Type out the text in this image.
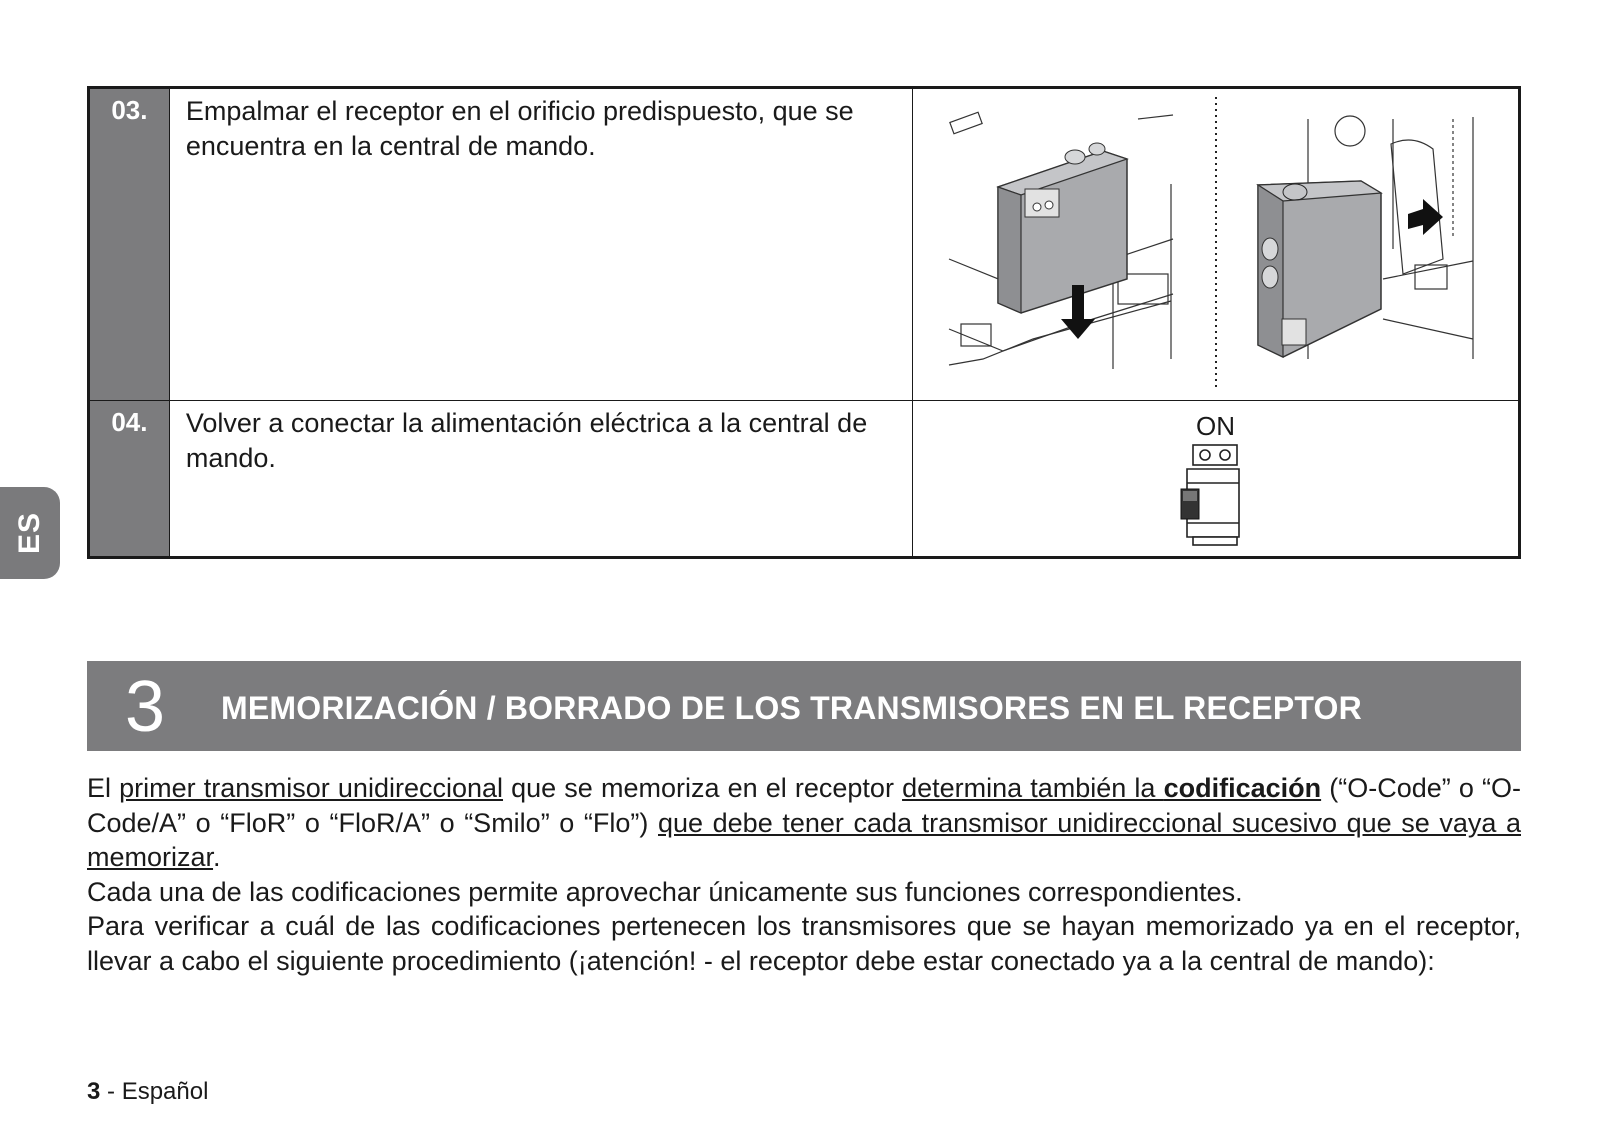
ES
03.	Empalmar el receptor en el orificio predispuesto, que se encuentra en la central de mando.	
04.	Volver a conectar la alimentación eléctrica a la central de mando.	ON
3 MEMORIZACIÓN / BORRADO DE LOS TRANSMISORES EN EL RECEPTOR

El primer transmisor unidireccional que se memoriza en el receptor determina también la codificación (“O-Code” o “O-Code/A” o “FloR” o “FloR/A” o “Smilo” o “Flo”) que debe tener cada transmisor unidireccional sucesivo que se vaya a memorizar.

Cada una de las codificaciones permite aprovechar únicamente sus funciones correspondientes.

Para verificar a cuál de las codificaciones pertenecen los transmisores que se hayan memorizado ya en el receptor, llevar a cabo el siguiente procedimiento (¡atención! - el receptor debe estar conectado ya a la central de mando):

3 - Español
